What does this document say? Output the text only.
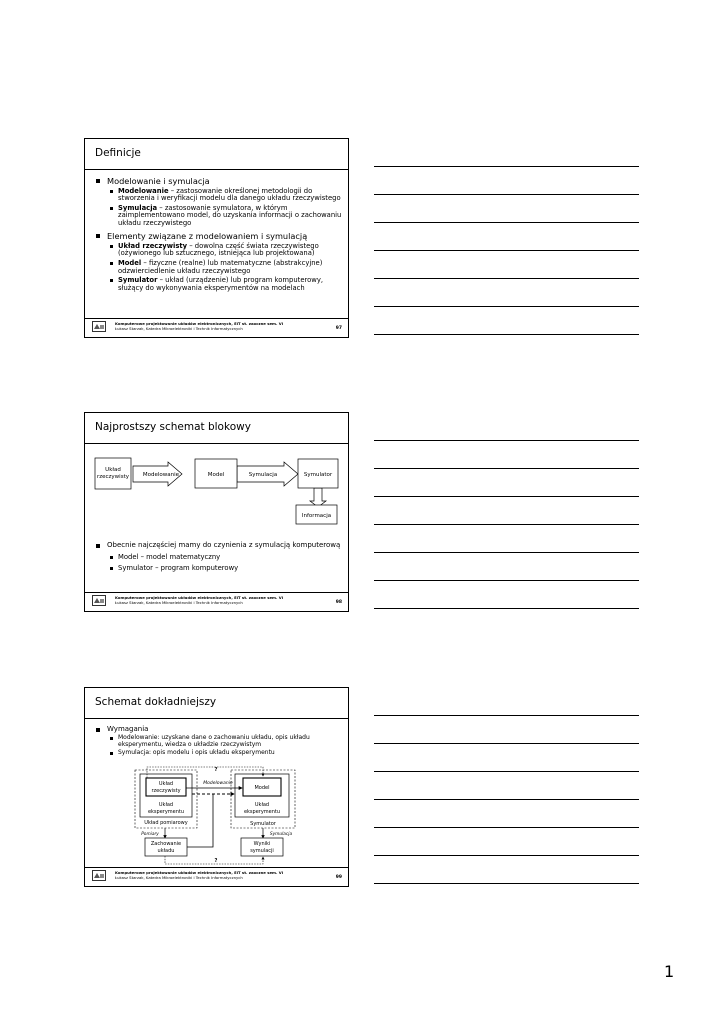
Definicje
Modelowanie i symulacja
Modelowanie – zastosowanie określonej metodologii do stworzenia i weryfikacji modelu dla danego układu rzeczywistego
Symulacja – zastosowanie symulatora, w którym zaimplementowano model, do uzyskania informacji o zachowaniu układu rzeczywistego
Elementy związane z modelowaniem i symulacją
Układ rzeczywisty – dowolna część świata rzeczywistego (ożywionego lub sztucznego, istniejąca lub projektowana)
Model – fizyczne (realne) lub matematyczne (abstrakcyjne) odzwierciedlenie układu rzeczywistego
Symulator – układ (urządzenie) lub program komputerowy, służący do wykonywania eksperymentów na modelach
Komputerowe projektowanie układów elektronicznych, EiT st. zaoczne sem. VI
Łukasz Starzak, Katedra Mikroelektroniki i Technik Informatycznych	97
Najprostszy schemat blokowy
Układ
rzeczywisty	Modelowanie	Model	Symulacja	Symulator
Informacja
Obecnie najczęściej mamy do czynienia z symulacją komputerową
Model – model matematyczny
Symulator – program komputerowy
Komputerowe projektowanie układów elektronicznych, EiT st. zaoczne sem. VI
Łukasz Starzak, Katedra Mikroelektroniki i Technik Informatycznych	98
Schemat dokładniejszy
Wymagania
Modelowanie: uzyskane dane o zachowaniu układu, opis układu eksperymentu, wiedza o układzie rzeczywistym
Symulacja: opis modelu i opis układu eksperymentu
?
Modelowanie
?
Układ
rzeczywisty
Układ
eksperymentu
Układ pomiarowy
Model
Układ
eksperymentu
Symulator
Pomiary	Symulacja
Zachowanie
układu
Wyniki
symulacji
Komputerowe projektowanie układów elektronicznych, EiT st. zaoczne sem. VI
Łukasz Starzak, Katedra Mikroelektroniki i Technik Informatycznych	99
1
